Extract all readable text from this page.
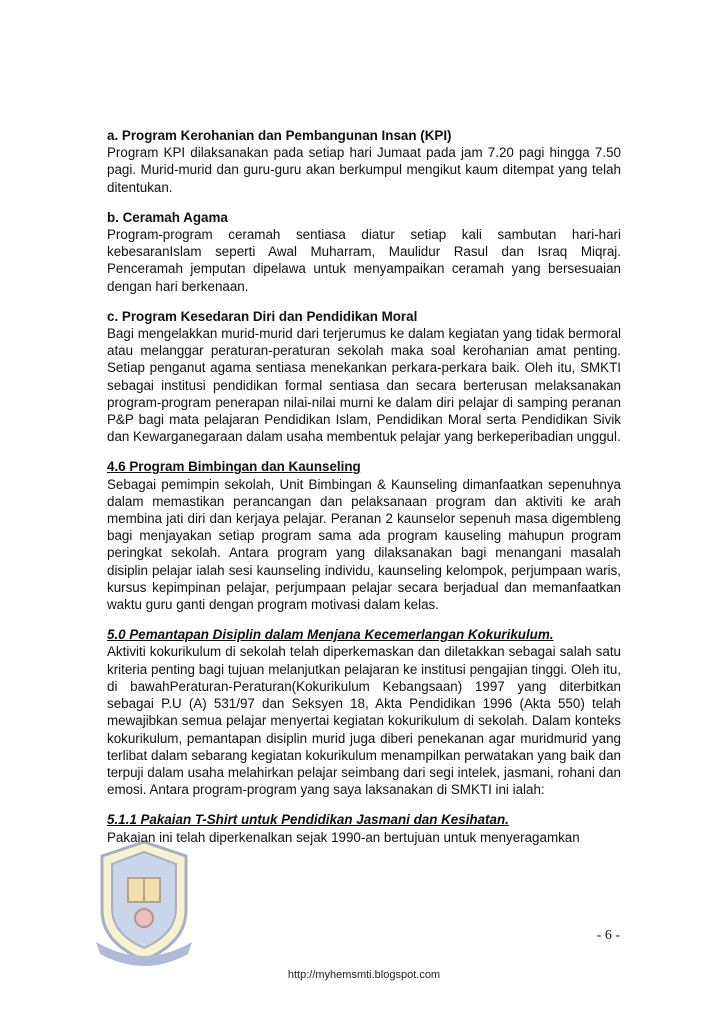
a. Program Kerohanian dan Pembangunan Insan (KPI)

Program KPI dilaksanakan pada setiap hari Jumaat pada jam 7.20 pagi hingga 7.50 pagi. Murid-murid dan guru-guru akan berkumpul mengikut kaum ditempat yang telah ditentukan.

b. Ceramah Agama

Program-program ceramah sentiasa diatur setiap kali sambutan hari-hari kebesaranIslam seperti Awal Muharram, Maulidur Rasul dan Israq Miqraj. Penceramah jemputan dipelawa untuk menyampaikan ceramah yang bersesuaian dengan hari berkenaan.

c. Program Kesedaran Diri dan Pendidikan Moral

Bagi mengelakkan murid-murid dari terjerumus ke dalam kegiatan yang tidak bermoral atau melanggar peraturan-peraturan sekolah maka soal kerohanian amat penting. Setiap penganut agama sentiasa menekankan perkara-perkara baik. Oleh itu, SMKTI sebagai institusi pendidikan formal sentiasa dan secara berterusan melaksanakan program-program penerapan nilai-nilai murni ke dalam diri pelajar di samping peranan P&P bagi mata pelajaran Pendidikan Islam, Pendidikan Moral serta Pendidikan Sivik dan Kewarganegaraan dalam usaha membentuk pelajar yang berkeperibadian unggul.

4.6 Program Bimbingan dan Kaunseling

Sebagai pemimpin sekolah, Unit Bimbingan & Kaunseling dimanfaatkan sepenuhnya dalam memastikan perancangan dan pelaksanaan program dan aktiviti ke arah membina jati diri dan kerjaya pelajar. Peranan 2 kaunselor sepenuh masa digembleng bagi menjayakan setiap program sama ada program kauseling mahupun program peringkat sekolah. Antara program yang dilaksanakan bagi menangani masalah disiplin pelajar ialah sesi kaunseling individu, kaunseling kelompok, perjumpaan waris, kursus kepimpinan pelajar, perjumpaan pelajar secara berjadual dan memanfaatkan waktu guru ganti dengan program motivasi dalam kelas.

5.0 Pemantapan Disiplin dalam Menjana Kecemerlangan Kokurikulum.

Aktiviti kokurikulum di sekolah telah diperkemaskan dan diletakkan sebagai salah satu kriteria penting bagi tujuan melanjutkan pelajaran ke institusi pengajian tinggi. Oleh itu, di bawahPeraturan-Peraturan(Kokurikulum Kebangsaan) 1997 yang diterbitkan sebagai P.U (A) 531/97 dan Seksyen 18, Akta Pendidikan 1996 (Akta 550) telah mewajibkan semua pelajar menyertai kegiatan kokurikulum di sekolah. Dalam konteks kokurikulum, pemantapan disiplin murid juga diberi penekanan agar muridmurid yang terlibat dalam sebarang kegiatan kokurikulum menampilkan perwatakan yang baik dan terpuji dalam usaha melahirkan pelajar seimbang dari segi intelek, jasmani, rohani dan emosi. Antara program-program yang saya laksanakan di SMKTI ini ialah:

5.1.1 Pakaian T-Shirt untuk Pendidikan Jasmani dan Kesihatan.

Pakaian ini telah diperkenalkan sejak 1990-an bertujuan untuk menyeragamkan

- 6 -
http://myhemsmti.blogspot.com
